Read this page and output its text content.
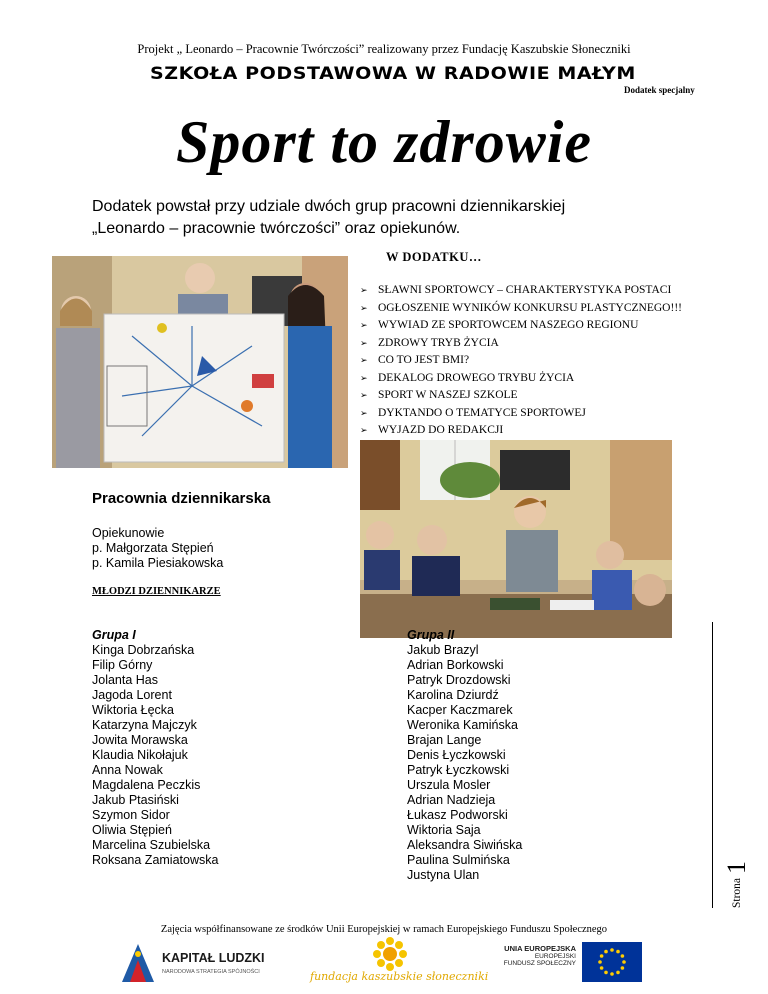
Projekt „ Leonardo – Pracownie Twórczości” realizowany przez Fundację Kaszubskie Słoneczniki
SZKOŁA PODSTAWOWA W RADOWIE MAŁYM
Dodatek specjalny
Sport to zdrowie
Dodatek powstał przy udziale dwóch grup pracowni dziennikarskiej
„Leonardo – pracownie twórczości” oraz opiekunów.
W DODATKU…
➢ SŁAWNI SPORTOWCY – CHARAKTERYSTYKA POSTACI
➢ OGŁOSZENIE WYNIKÓW KONKURSU PLASTYCZNEGO!!!
➢ WYWIAD ZE SPORTOWCEM NASZEGO REGIONU
➢ ZDROWY TRYB ŻYCIA
➢ CO TO JEST BMI?
➢ DEKALOG DROWEGO TRYBU ŻYCIA
➢ SPORT W NASZEJ SZKOLE
➢ DYKTANDO O TEMATYCE SPORTOWEJ
➢ WYJAZD DO REDAKCJI
Pracownia dziennikarska
Opiekunowie
p. Małgorzata Stępień
p. Kamila Piesiakowska
MŁODZI DZIENNIKARZE
Grupa I
Kinga Dobrzańska
Filip Górny
Jolanta Has
Jagoda Lorent
Wiktoria Łęcka
Katarzyna Majczyk
Jowita Morawska
Klaudia Nikołajuk
Anna Nowak
Magdalena Peczkis
Jakub Ptasiński
Szymon Sidor
Oliwia Stępień
Marcelina Szubielska
Roksana Zamiatowska
Grupa II
Jakub Brazyl
Adrian Borkowski
Patryk Drozdowski
Karolina Dziurdź
Kacper Kaczmarek
Weronika Kamińska
Brajan Lange
Denis Łyczkowski
Patryk Łyczkowski
Urszula Mosler
Adrian Nadzieja
Łukasz Podworski
Wiktoria Saja
Aleksandra Siwińska
Paulina Sulmińska
Justyna Ulan
Strona 1
Zajęcia współfinansowane ze środków Unii Europejskiej w ramach Europejskiego Funduszu Społecznego
KAPITAŁ LUDZKI
NARODOWA STRATEGIA SPÓJNOŚCI	fundacja kaszubskie słoneczniki
UNIA EUROPEJSKA
EUROPEJSKI
FUNDUSZ SPOŁECZNY
